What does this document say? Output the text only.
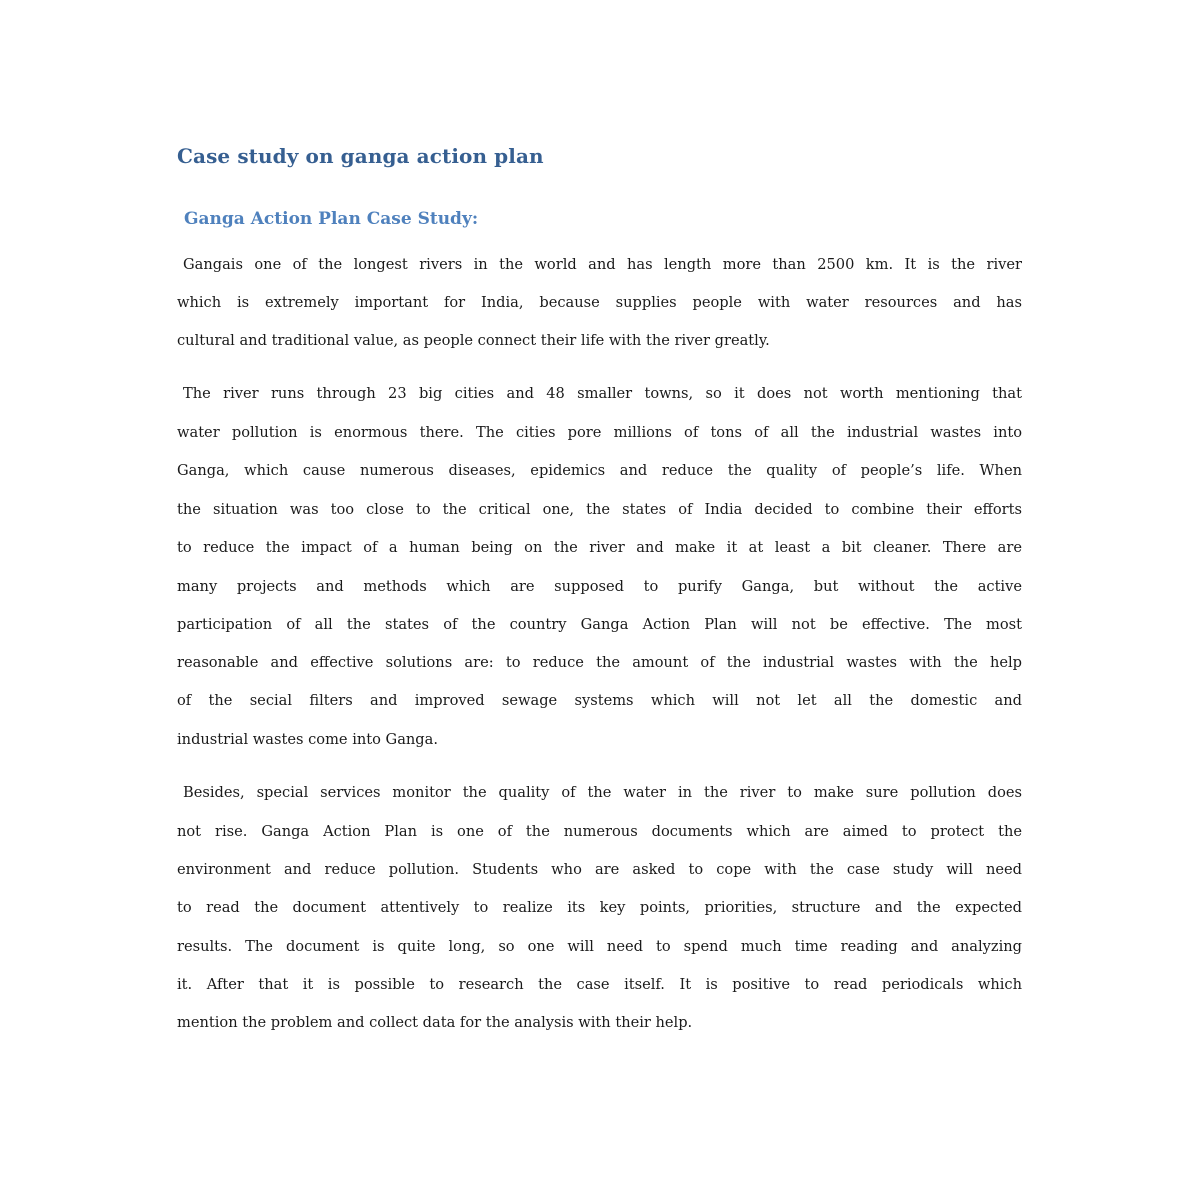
Case study on ganga action plan
Ganga Action Plan Case Study:
Gangais one of the longest rivers in the world and has length more than 2500 km. It is the river
which is extremely important for India, because supplies people with water resources and has
cultural and traditional value, as people connect their life with the river greatly.
The river runs through 23 big cities and 48 smaller towns, so it does not worth mentioning that
water pollution is enormous there. The cities pore millions of tons of all the industrial wastes into
Ganga, which cause numerous diseases, epidemics and reduce the quality of people’s life. When
the situation was too close to the critical one, the states of India decided to combine their efforts
to reduce the impact of a human being on the river and make it at least a bit cleaner. There are
many projects and methods which are supposed to purify Ganga, but without the active
participation of all the states of the country Ganga Action Plan will not be effective. The most
reasonable and effective solutions are: to reduce the amount of the industrial wastes with the help
of the secial filters and improved sewage systems which will not let all the domestic and
industrial wastes come into Ganga.
Besides, special services monitor the quality of the water in the river to make sure pollution does
not rise. Ganga Action Plan is one of the numerous documents which are aimed to protect the
environment and reduce pollution. Students who are asked to cope with the case study will need
to read the document attentively to realize its key points, priorities, structure and the expected
results. The document is quite long, so one will need to spend much time reading and analyzing
it. After that it is possible to research the case itself. It is positive to read periodicals which
mention the problem and collect data for the analysis with their help.
